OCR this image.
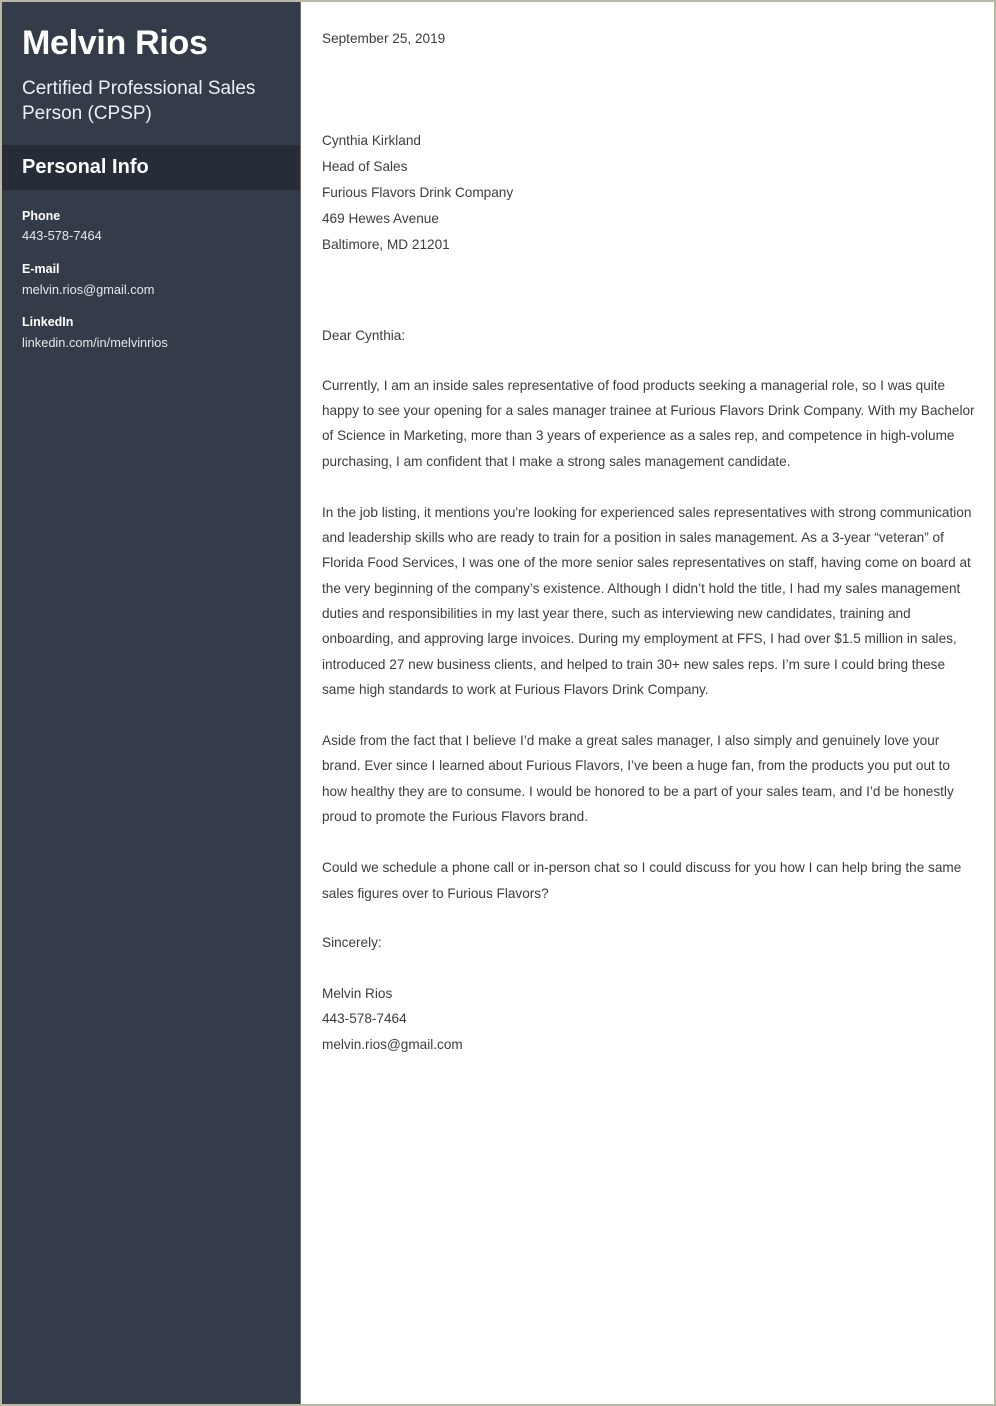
Melvin Rios
Certified Professional Sales Person (CPSP)
Personal Info

Phone

443-578-7464

E-mail

melvin.rios@gmail.com

LinkedIn

linkedin.com/in/melvinrios

September 25, 2019

Cynthia Kirkland

Head of Sales

Furious Flavors Drink Company

469 Hewes Avenue

Baltimore, MD 21201

Dear Cynthia:

Currently, I am an inside sales representative of food products seeking a managerial role, so I was quite happy to see your opening for a sales manager trainee at Furious Flavors Drink Company. With my Bachelor of Science in Marketing, more than 3 years of experience as a sales rep, and competence in high-volume purchasing, I am confident that I make a strong sales management candidate.

In the job listing, it mentions you're looking for experienced sales representatives with strong communication and leadership skills who are ready to train for a position in sales management. As a 3-year “veteran” of Florida Food Services, I was one of the more senior sales representatives on staff, having come on board at the very beginning of the company’s existence. Although I didn’t hold the title, I had my sales management duties and responsibilities in my last year there, such as interviewing new candidates, training and onboarding, and approving large invoices. During my employment at FFS, I had over $1.5 million in sales, introduced 27 new business clients, and helped to train 30+ new sales reps. I’m sure I could bring these same high standards to work at Furious Flavors Drink Company.

Aside from the fact that I believe I’d make a great sales manager, I also simply and genuinely love your brand. Ever since I learned about Furious Flavors, I’ve been a huge fan, from the products you put out to how healthy they are to consume. I would be honored to be a part of your sales team, and I’d be honestly proud to promote the Furious Flavors brand.

Could we schedule a phone call or in-person chat so I could discuss for you how I can help bring the same sales figures over to Furious Flavors?

Sincerely:

Melvin Rios

443-578-7464

melvin.rios@gmail.com
